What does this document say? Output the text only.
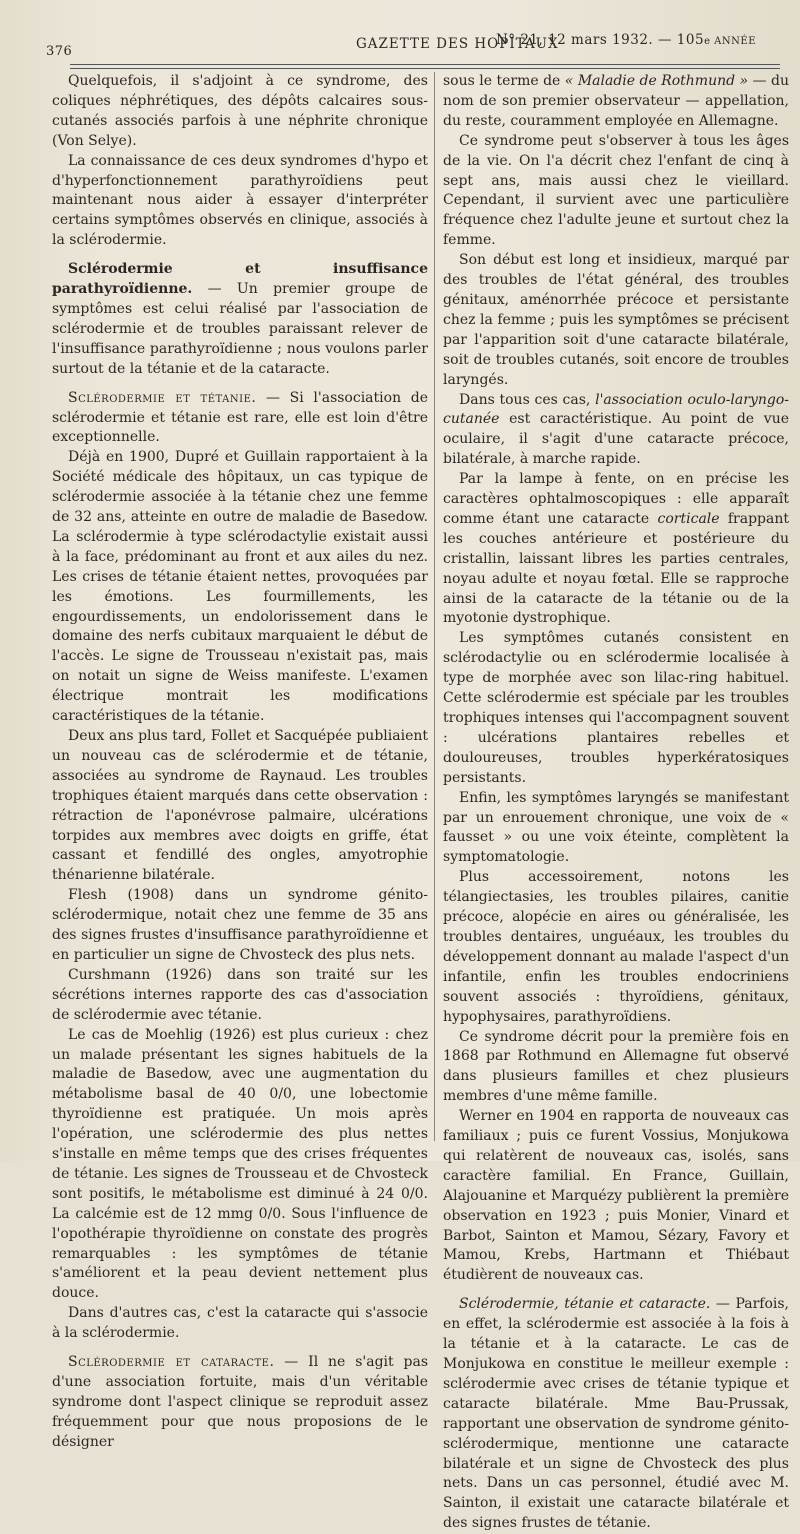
376	GAZETTE DES HOPITAUX
N° 21, 12 mars 1932. — 105e ANNÉE

Quelquefois, il s'adjoint à ce syndrome, des coliques néphrétiques, des dépôts calcaires sous-cutanés associés parfois à une néphrite chronique (Von Selye).

La connaissance de ces deux syndromes d'hypo et d'hyperfonctionnement parathyroïdiens peut maintenant nous aider à essayer d'interpréter certains symptômes observés en clinique, associés à la sclérodermie.

Sclérodermie et insuffisance parathyroïdienne. — Un premier groupe de symptômes est celui réalisé par l'association de sclérodermie et de troubles paraissant relever de l'insuffisance parathyroïdienne ; nous voulons parler surtout de la tétanie et de la cataracte.

Sclérodermie et tétanie. — Si l'association de sclérodermie et tétanie est rare, elle est loin d'être exceptionnelle.

Déjà en 1900, Dupré et Guillain rapportaient à la Société médicale des hôpitaux, un cas typique de sclérodermie associée à la tétanie chez une femme de 32 ans, atteinte en outre de maladie de Basedow. La sclérodermie à type sclérodactylie existait aussi à la face, prédominant au front et aux ailes du nez. Les crises de tétanie étaient nettes, provoquées par les émotions. Les fourmillements, les engourdissements, un endolorissement dans le domaine des nerfs cubitaux marquaient le début de l'accès. Le signe de Trousseau n'existait pas, mais on notait un signe de Weiss manifeste. L'examen électrique montrait les modifications caractéristiques de la tétanie.

Deux ans plus tard, Follet et Sacquépée publiaient un nouveau cas de sclérodermie et de tétanie, associées au syndrome de Raynaud. Les troubles trophiques étaient marqués dans cette observation : rétraction de l'aponévrose palmaire, ulcérations torpides aux membres avec doigts en griffe, état cassant et fendillé des ongles, amyotrophie thénarienne bilatérale.

Flesh (1908) dans un syndrome génito-sclérodermique, notait chez une femme de 35 ans des signes frustes d'insuffisance parathyroïdienne et en particulier un signe de Chvosteck des plus nets.

Curshmann (1926) dans son traité sur les sécrétions internes rapporte des cas d'association de sclérodermie avec tétanie.

Le cas de Moehlig (1926) est plus curieux : chez un malade présentant les signes habituels de la maladie de Basedow, avec une augmentation du métabolisme basal de 40 0/0, une lobectomie thyroïdienne est pratiquée. Un mois après l'opération, une sclérodermie des plus nettes s'installe en même temps que des crises fréquentes de tétanie. Les signes de Trousseau et de Chvosteck sont positifs, le métabolisme est diminué à 24 0/0. La calcémie est de 12 mmg 0/0. Sous l'influence de l'opothérapie thyroïdienne on constate des progrès remarquables : les symptômes de tétanie s'améliorent et la peau devient nettement plus douce.

Dans d'autres cas, c'est la cataracte qui s'associe à la sclérodermie.

Sclérodermie et cataracte. — Il ne s'agit pas d'une association fortuite, mais d'un véritable syndrome dont l'aspect clinique se reproduit assez fréquemment pour que nous proposions de le désigner

sous le terme de « Maladie de Rothmund » — du nom de son premier observateur — appellation, du reste, couramment employée en Allemagne.

Ce syndrome peut s'observer à tous les âges de la vie. On l'a décrit chez l'enfant de cinq à sept ans, mais aussi chez le vieillard. Cependant, il survient avec une particulière fréquence chez l'adulte jeune et surtout chez la femme.

Son début est long et insidieux, marqué par des troubles de l'état général, des troubles génitaux, aménorrhée précoce et persistante chez la femme ; puis les symptômes se précisent par l'apparition soit d'une cataracte bilatérale, soit de troubles cutanés, soit encore de troubles laryngés.

Dans tous ces cas, l'association oculo-laryngo-cutanée est caractéristique. Au point de vue oculaire, il s'agit d'une cataracte précoce, bilatérale, à marche rapide.

Par la lampe à fente, on en précise les caractères ophtalmoscopiques : elle apparaît comme étant une cataracte corticale frappant les couches antérieure et postérieure du cristallin, laissant libres les parties centrales, noyau adulte et noyau fœtal. Elle se rapproche ainsi de la cataracte de la tétanie ou de la myotonie dystrophique.

Les symptômes cutanés consistent en sclérodactylie ou en sclérodermie localisée à type de morphée avec son lilac-ring habituel. Cette sclérodermie est spéciale par les troubles trophiques intenses qui l'accompagnent souvent : ulcérations plantaires rebelles et douloureuses, troubles hyperkératosiques persistants.

Enfin, les symptômes laryngés se manifestant par un enrouement chronique, une voix de « fausset » ou une voix éteinte, complètent la symptomatologie.

Plus accessoirement, notons les télangiectasies, les troubles pilaires, canitie précoce, alopécie en aires ou généralisée, les troubles dentaires, unguéaux, les troubles du développement donnant au malade l'aspect d'un infantile, enfin les troubles endocriniens souvent associés : thyroïdiens, génitaux, hypophysaires, parathyroïdiens.

Ce syndrome décrit pour la première fois en 1868 par Rothmund en Allemagne fut observé dans plusieurs familles et chez plusieurs membres d'une même famille.

Werner en 1904 en rapporta de nouveaux cas familiaux ; puis ce furent Vossius, Monjukowa qui relatèrent de nouveaux cas, isolés, sans caractère familial. En France, Guillain, Alajouanine et Marquézy publièrent la première observation en 1923 ; puis Monier, Vinard et Barbot, Sainton et Mamou, Sézary, Favory et Mamou, Krebs, Hartmann et Thiébaut étudièrent de nouveaux cas.

Sclérodermie, tétanie et cataracte. — Parfois, en effet, la sclérodermie est associée à la fois à la tétanie et à la cataracte. Le cas de Monjukowa en constitue le meilleur exemple : sclérodermie avec crises de tétanie typique et cataracte bilatérale. Mme Bau-Prussak, rapportant une observation de syndrome génito-sclérodermique, mentionne une cataracte bilatérale et un signe de Chvosteck des plus nets. Dans un cas personnel, étudié avec M. Sainton, il existait une cataracte bilatérale et des signes frustes de tétanie.
